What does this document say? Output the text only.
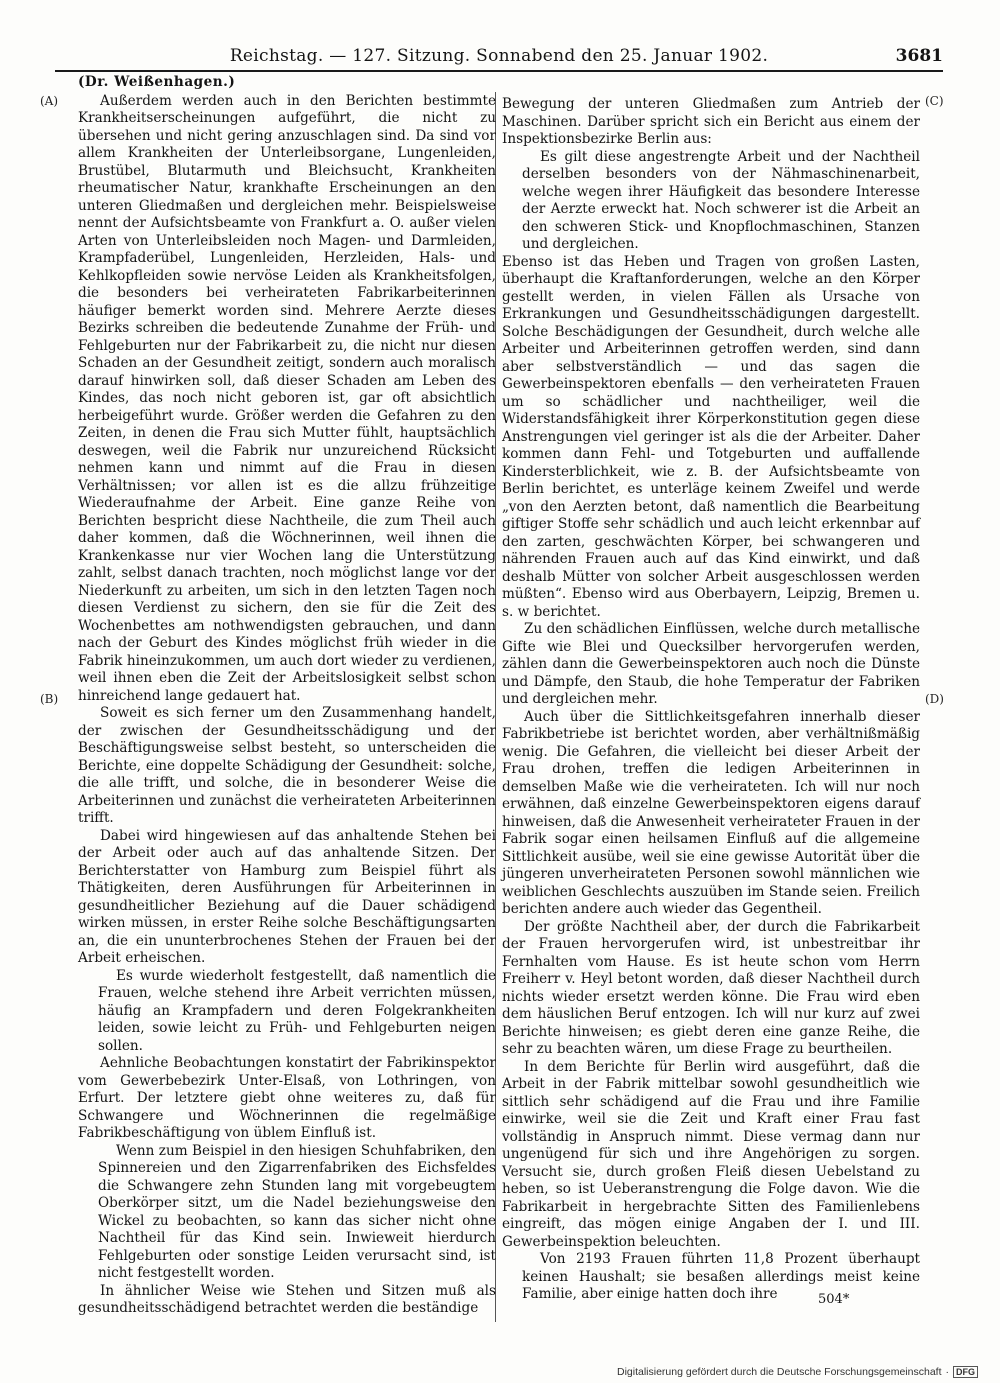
Reichstag. — 127. Sitzung. Sonnabend den 25. Januar 1902.	3681
(A)
(B)
(C)
(D)
(Dr. Weißenhagen.)

Außerdem werden auch in den Berichten bestimmte Krankheitserscheinungen aufgeführt, die nicht zu übersehen und nicht gering anzuschlagen sind. Da sind vor allem Krankheiten der Unterleibsorgane, Lungenleiden, Brustübel, Blutarmuth und Bleichsucht, Krankheiten rheumatischer Natur, krankhafte Erscheinungen an den unteren Gliedmaßen und dergleichen mehr. Beispielsweise nennt der Aufsichtsbeamte von Frankfurt a. O. außer vielen Arten von Unterleibsleiden noch Magen- und Darmleiden, Krampfaderübel, Lungenleiden, Herzleiden, Hals- und Kehlkopfleiden sowie nervöse Leiden als Krankheitsfolgen, die besonders bei verheirateten Fabrikarbeiterinnen häufiger bemerkt worden sind. Mehrere Aerzte dieses Bezirks schreiben die bedeutende Zunahme der Früh- und Fehlgeburten nur der Fabrikarbeit zu, die nicht nur diesen Schaden an der Gesundheit zeitigt, sondern auch moralisch darauf hinwirken soll, daß dieser Schaden am Leben des Kindes, das noch nicht geboren ist, gar oft absichtlich herbeigeführt wurde. Größer werden die Gefahren zu den Zeiten, in denen die Frau sich Mutter fühlt, hauptsächlich deswegen, weil die Fabrik nur unzureichend Rücksicht nehmen kann und nimmt auf die Frau in diesen Verhältnissen; vor allen ist es die allzu frühzeitige Wiederaufnahme der Arbeit. Eine ganze Reihe von Berichten bespricht diese Nachtheile, die zum Theil auch daher kommen, daß die Wöchnerinnen, weil ihnen die Krankenkasse nur vier Wochen lang die Unterstützung zahlt, selbst danach trachten, noch möglichst lange vor der Niederkunft zu arbeiten, um sich in den letzten Tagen noch diesen Verdienst zu sichern, den sie für die Zeit des Wochenbettes am nothwendigsten gebrauchen, und dann nach der Geburt des Kindes möglichst früh wieder in die Fabrik hineinzukommen, um auch dort wieder zu verdienen, weil ihnen eben die Zeit der Arbeitslosigkeit selbst schon hinreichend lange gedauert hat.

Soweit es sich ferner um den Zusammenhang handelt, der zwischen der Gesundheitsschädigung und der Beschäftigungsweise selbst besteht, so unterscheiden die Berichte, eine doppelte Schädigung der Gesundheit: solche, die alle trifft, und solche, die in besonderer Weise die Arbeiterinnen und zunächst die verheirateten Arbeiterinnen trifft.

Dabei wird hingewiesen auf das anhaltende Stehen bei der Arbeit oder auch auf das anhaltende Sitzen. Der Berichterstatter von Hamburg zum Beispiel führt als Thätigkeiten, deren Ausführungen für Arbeiterinnen in gesundheitlicher Beziehung auf die Dauer schädigend wirken müssen, in erster Reihe solche Beschäftigungsarten an, die ein ununterbrochenes Stehen der Frauen bei der Arbeit erheischen.

Es wurde wiederholt festgestellt, daß namentlich die Frauen, welche stehend ihre Arbeit verrichten müssen, häufig an Krampfadern und deren Folgekrankheiten leiden, sowie leicht zu Früh- und Fehlgeburten neigen sollen.

Aehnliche Beobachtungen konstatirt der Fabrikinspektor vom Gewerbebezirk Unter-Elsaß, von Lothringen, von Erfurt. Der letztere giebt ohne weiteres zu, daß für Schwangere und Wöchnerinnen die regelmäßige Fabrikbeschäftigung von üblem Einfluß ist.

Wenn zum Beispiel in den hiesigen Schuhfabriken, den Spinnereien und den Zigarrenfabriken des Eichsfeldes die Schwangere zehn Stunden lang mit vorgebeugtem Oberkörper sitzt, um die Nadel beziehungsweise den Wickel zu beobachten, so kann das sicher nicht ohne Nachtheil für das Kind sein. Inwieweit hierdurch Fehlgeburten oder sonstige Leiden verursacht sind, ist nicht festgestellt worden.

In ähnlicher Weise wie Stehen und Sitzen muß als gesundheitsschädigend betrachtet werden die beständige

Bewegung der unteren Gliedmaßen zum Antrieb der Maschinen. Darüber spricht sich ein Bericht aus einem der Inspektionsbezirke Berlin aus:

Es gilt diese angestrengte Arbeit und der Nachtheil derselben besonders von der Nähmaschinenarbeit, welche wegen ihrer Häufigkeit das besondere Interesse der Aerzte erweckt hat. Noch schwerer ist die Arbeit an den schweren Stick- und Knopflochmaschinen, Stanzen und dergleichen.

Ebenso ist das Heben und Tragen von großen Lasten, überhaupt die Kraftanforderungen, welche an den Körper gestellt werden, in vielen Fällen als Ursache von Erkrankungen und Gesundheitsschädigungen dargestellt. Solche Beschädigungen der Gesundheit, durch welche alle Arbeiter und Arbeiterinnen getroffen werden, sind dann aber selbstverständlich — und das sagen die Gewerbeinspektoren ebenfalls — den verheirateten Frauen um so schädlicher und nachtheiliger, weil die Widerstandsfähigkeit ihrer Körperkonstitution gegen diese Anstrengungen viel geringer ist als die der Arbeiter. Daher kommen dann Fehl- und Totgeburten und auffallende Kindersterblichkeit, wie z. B. der Aufsichtsbeamte von Berlin berichtet, es unterläge keinem Zweifel und werde „von den Aerzten betont, daß namentlich die Bearbeitung giftiger Stoffe sehr schädlich und auch leicht erkennbar auf den zarten, geschwächten Körper, bei schwangeren und nährenden Frauen auch auf das Kind einwirkt, und daß deshalb Mütter von solcher Arbeit ausgeschlossen werden müßten“. Ebenso wird aus Oberbayern, Leipzig, Bremen u. s. w berichtet.

Zu den schädlichen Einflüssen, welche durch metallische Gifte wie Blei und Quecksilber hervorgerufen werden, zählen dann die Gewerbeinspektoren auch noch die Dünste und Dämpfe, den Staub, die hohe Temperatur der Fabriken und dergleichen mehr.

Auch über die Sittlichkeitsgefahren innerhalb dieser Fabrikbetriebe ist berichtet worden, aber verhältnißmäßig wenig. Die Gefahren, die vielleicht bei dieser Arbeit der Frau drohen, treffen die ledigen Arbeiterinnen in demselben Maße wie die verheirateten. Ich will nur noch erwähnen, daß einzelne Gewerbeinspektoren eigens darauf hinweisen, daß die Anwesenheit verheirateter Frauen in der Fabrik sogar einen heilsamen Einfluß auf die allgemeine Sittlichkeit ausübe, weil sie eine gewisse Autorität über die jüngeren unverheirateten Personen sowohl männlichen wie weiblichen Geschlechts auszuüben im Stande seien. Freilich berichten andere auch wieder das Gegentheil.

Der größte Nachtheil aber, der durch die Fabrikarbeit der Frauen hervorgerufen wird, ist unbestreitbar ihr Fernhalten vom Hause. Es ist heute schon vom Herrn Freiherr v. Heyl betont worden, daß dieser Nachtheil durch nichts wieder ersetzt werden könne. Die Frau wird eben dem häuslichen Beruf entzogen. Ich will nur kurz auf zwei Berichte hinweisen; es giebt deren eine ganze Reihe, die sehr zu beachten wären, um diese Frage zu beurtheilen.

In dem Berichte für Berlin wird ausgeführt, daß die Arbeit in der Fabrik mittelbar sowohl gesundheitlich wie sittlich sehr schädigend auf die Frau und ihre Familie einwirke, weil sie die Zeit und Kraft einer Frau fast vollständig in Anspruch nimmt. Diese vermag dann nur ungenügend für sich und ihre Angehörigen zu sorgen. Versucht sie, durch großen Fleiß diesen Uebelstand zu heben, so ist Ueberanstrengung die Folge davon. Wie die Fabrikarbeit in hergebrachte Sitten des Familienlebens eingreift, das mögen einige Angaben der I. und III. Gewerbeinspektion beleuchten.

Von 2193 Frauen führten 11,8 Prozent überhaupt keinen Haushalt; sie besaßen allerdings meist keine Familie, aber einige hatten doch ihre	504*
Digitalisierung gefördert durch die Deutsche Forschungsgemeinschaft · DFG
